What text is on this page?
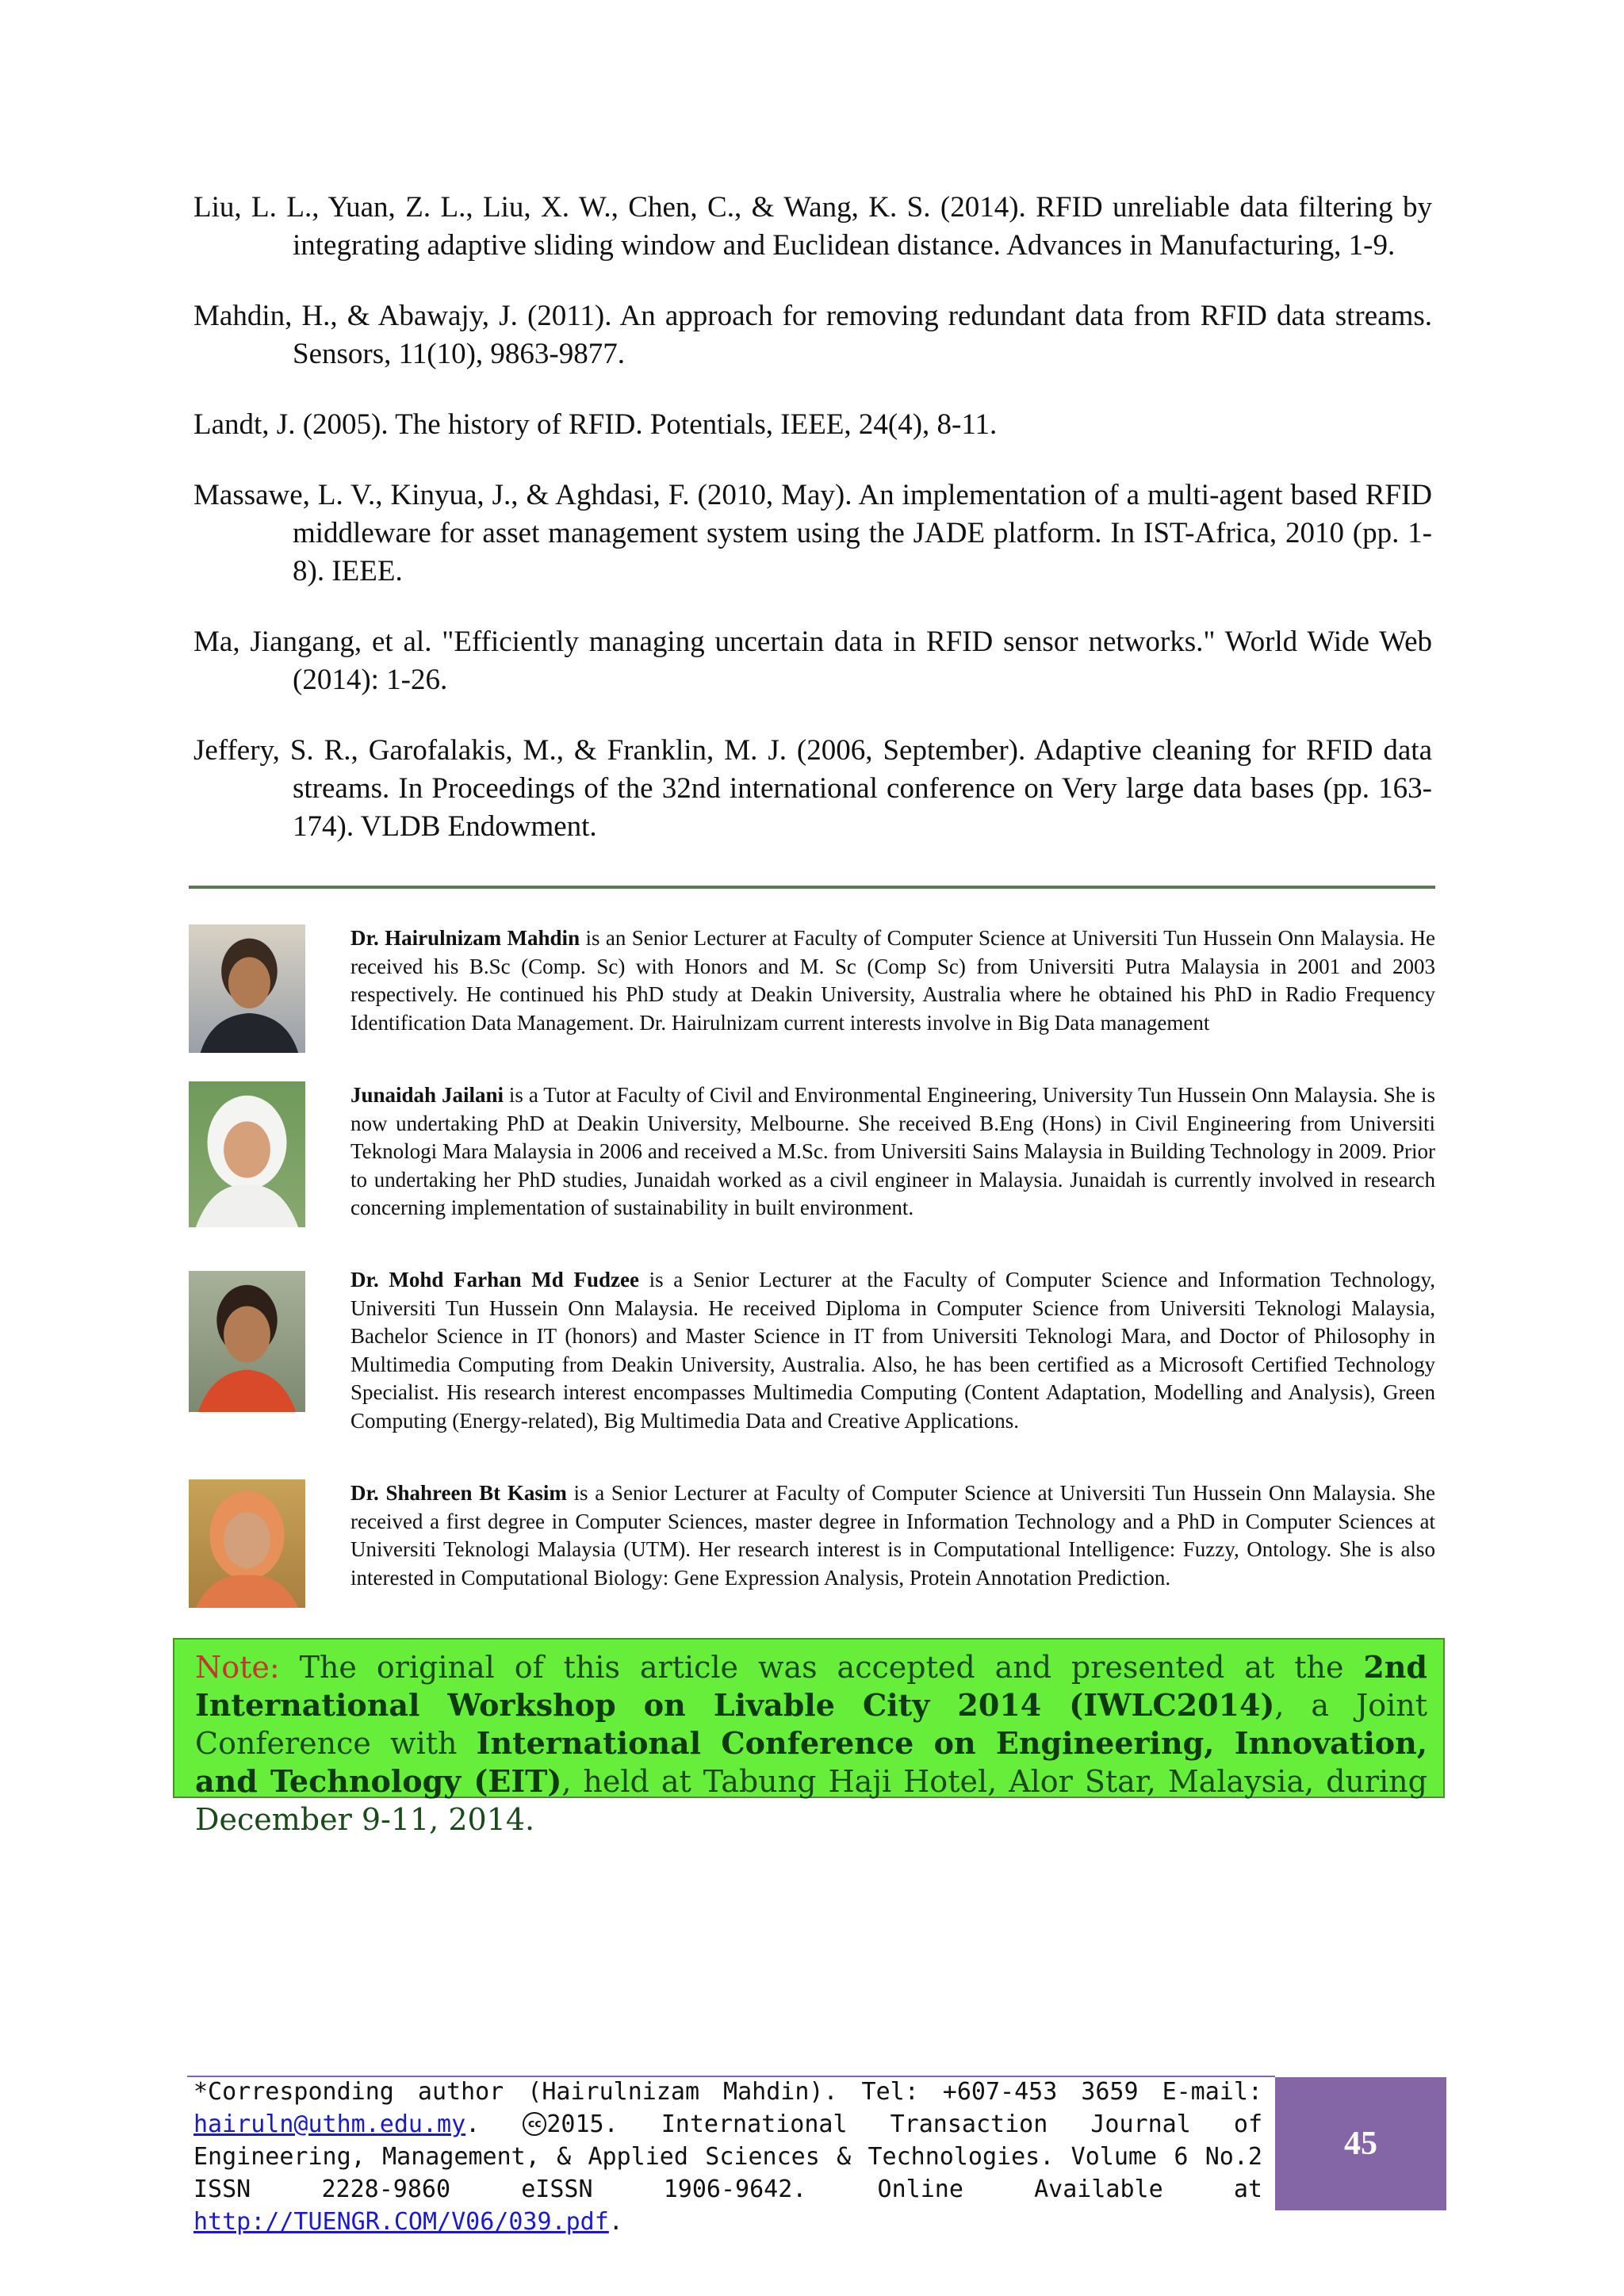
Liu, L. L., Yuan, Z. L., Liu, X. W., Chen, C., & Wang, K. S. (2014). RFID unreliable data filtering by integrating adaptive sliding window and Euclidean distance. Advances in Manufacturing, 1-9.

Mahdin, H., & Abawajy, J. (2011). An approach for removing redundant data from RFID data streams. Sensors, 11(10), 9863-9877.

Landt, J. (2005). The history of RFID. Potentials, IEEE, 24(4), 8-11.

Massawe, L. V., Kinyua, J., & Aghdasi, F. (2010, May). An implementation of a multi-agent based RFID middleware for asset management system using the JADE platform. In IST-Africa, 2010 (pp. 1-8). IEEE.

Ma, Jiangang, et al. "Efficiently managing uncertain data in RFID sensor networks." World Wide Web (2014): 1-26.

Jeffery, S. R., Garofalakis, M., & Franklin, M. J. (2006, September). Adaptive cleaning for RFID data streams. In Proceedings of the 32nd international conference on Very large data bases (pp. 163-174). VLDB Endowment.

Dr. Hairulnizam Mahdin is an Senior Lecturer at Faculty of Computer Science at Universiti Tun Hussein Onn Malaysia. He received his B.Sc (Comp. Sc) with Honors and M. Sc (Comp Sc) from Universiti Putra Malaysia in 2001 and 2003 respectively. He continued his PhD study at Deakin University, Australia where he obtained his PhD in Radio Frequency Identification Data Management. Dr. Hairulnizam current interests involve in Big Data management
Junaidah Jailani is a Tutor at Faculty of Civil and Environmental Engineering, University Tun Hussein Onn Malaysia. She is now undertaking PhD at Deakin University, Melbourne. She received B.Eng (Hons) in Civil Engineering from Universiti Teknologi Mara Malaysia in 2006 and received a M.Sc. from Universiti Sains Malaysia in Building Technology in 2009. Prior to undertaking her PhD studies, Junaidah worked as a civil engineer in Malaysia. Junaidah is currently involved in research concerning implementation of sustainability in built environment.
Dr. Mohd Farhan Md Fudzee is a Senior Lecturer at the Faculty of Computer Science and Information Technology, Universiti Tun Hussein Onn Malaysia. He received Diploma in Computer Science from Universiti Teknologi Malaysia, Bachelor Science in IT (honors) and Master Science in IT from Universiti Teknologi Mara, and Doctor of Philosophy in Multimedia Computing from Deakin University, Australia. Also, he has been certified as a Microsoft Certified Technology Specialist. His research interest encompasses Multimedia Computing (Content Adaptation, Modelling and Analysis), Green Computing (Energy-related), Big Multimedia Data and Creative Applications.
Dr. Shahreen Bt Kasim is a Senior Lecturer at Faculty of Computer Science at Universiti Tun Hussein Onn Malaysia. She received a first degree in Computer Sciences, master degree in Information Technology and a PhD in Computer Sciences at Universiti Teknologi Malaysia (UTM). Her research interest is in Computational Intelligence: Fuzzy, Ontology. She is also interested in Computational Biology: Gene Expression Analysis, Protein Annotation Prediction.
Note: The original of this article was accepted and presented at the 2nd International Workshop on Livable City 2014 (IWLC2014), a Joint Conference with International Conference on Engineering, Innovation, and Technology (EIT), held at Tabung Haji Hotel, Alor Star, Malaysia, during December 9-11, 2014.
*Corresponding author (Hairulnizam Mahdin). Tel: +607-453 3659 E-mail: hairuln@uthm.edu.my. cc 2015. International Transaction Journal of Engineering, Management, & Applied Sciences & Technologies. Volume 6 No.2 ISSN 2228-9860 eISSN 1906-9642. Online Available at http://TUENGR.COM/V06/039.pdf.
45
